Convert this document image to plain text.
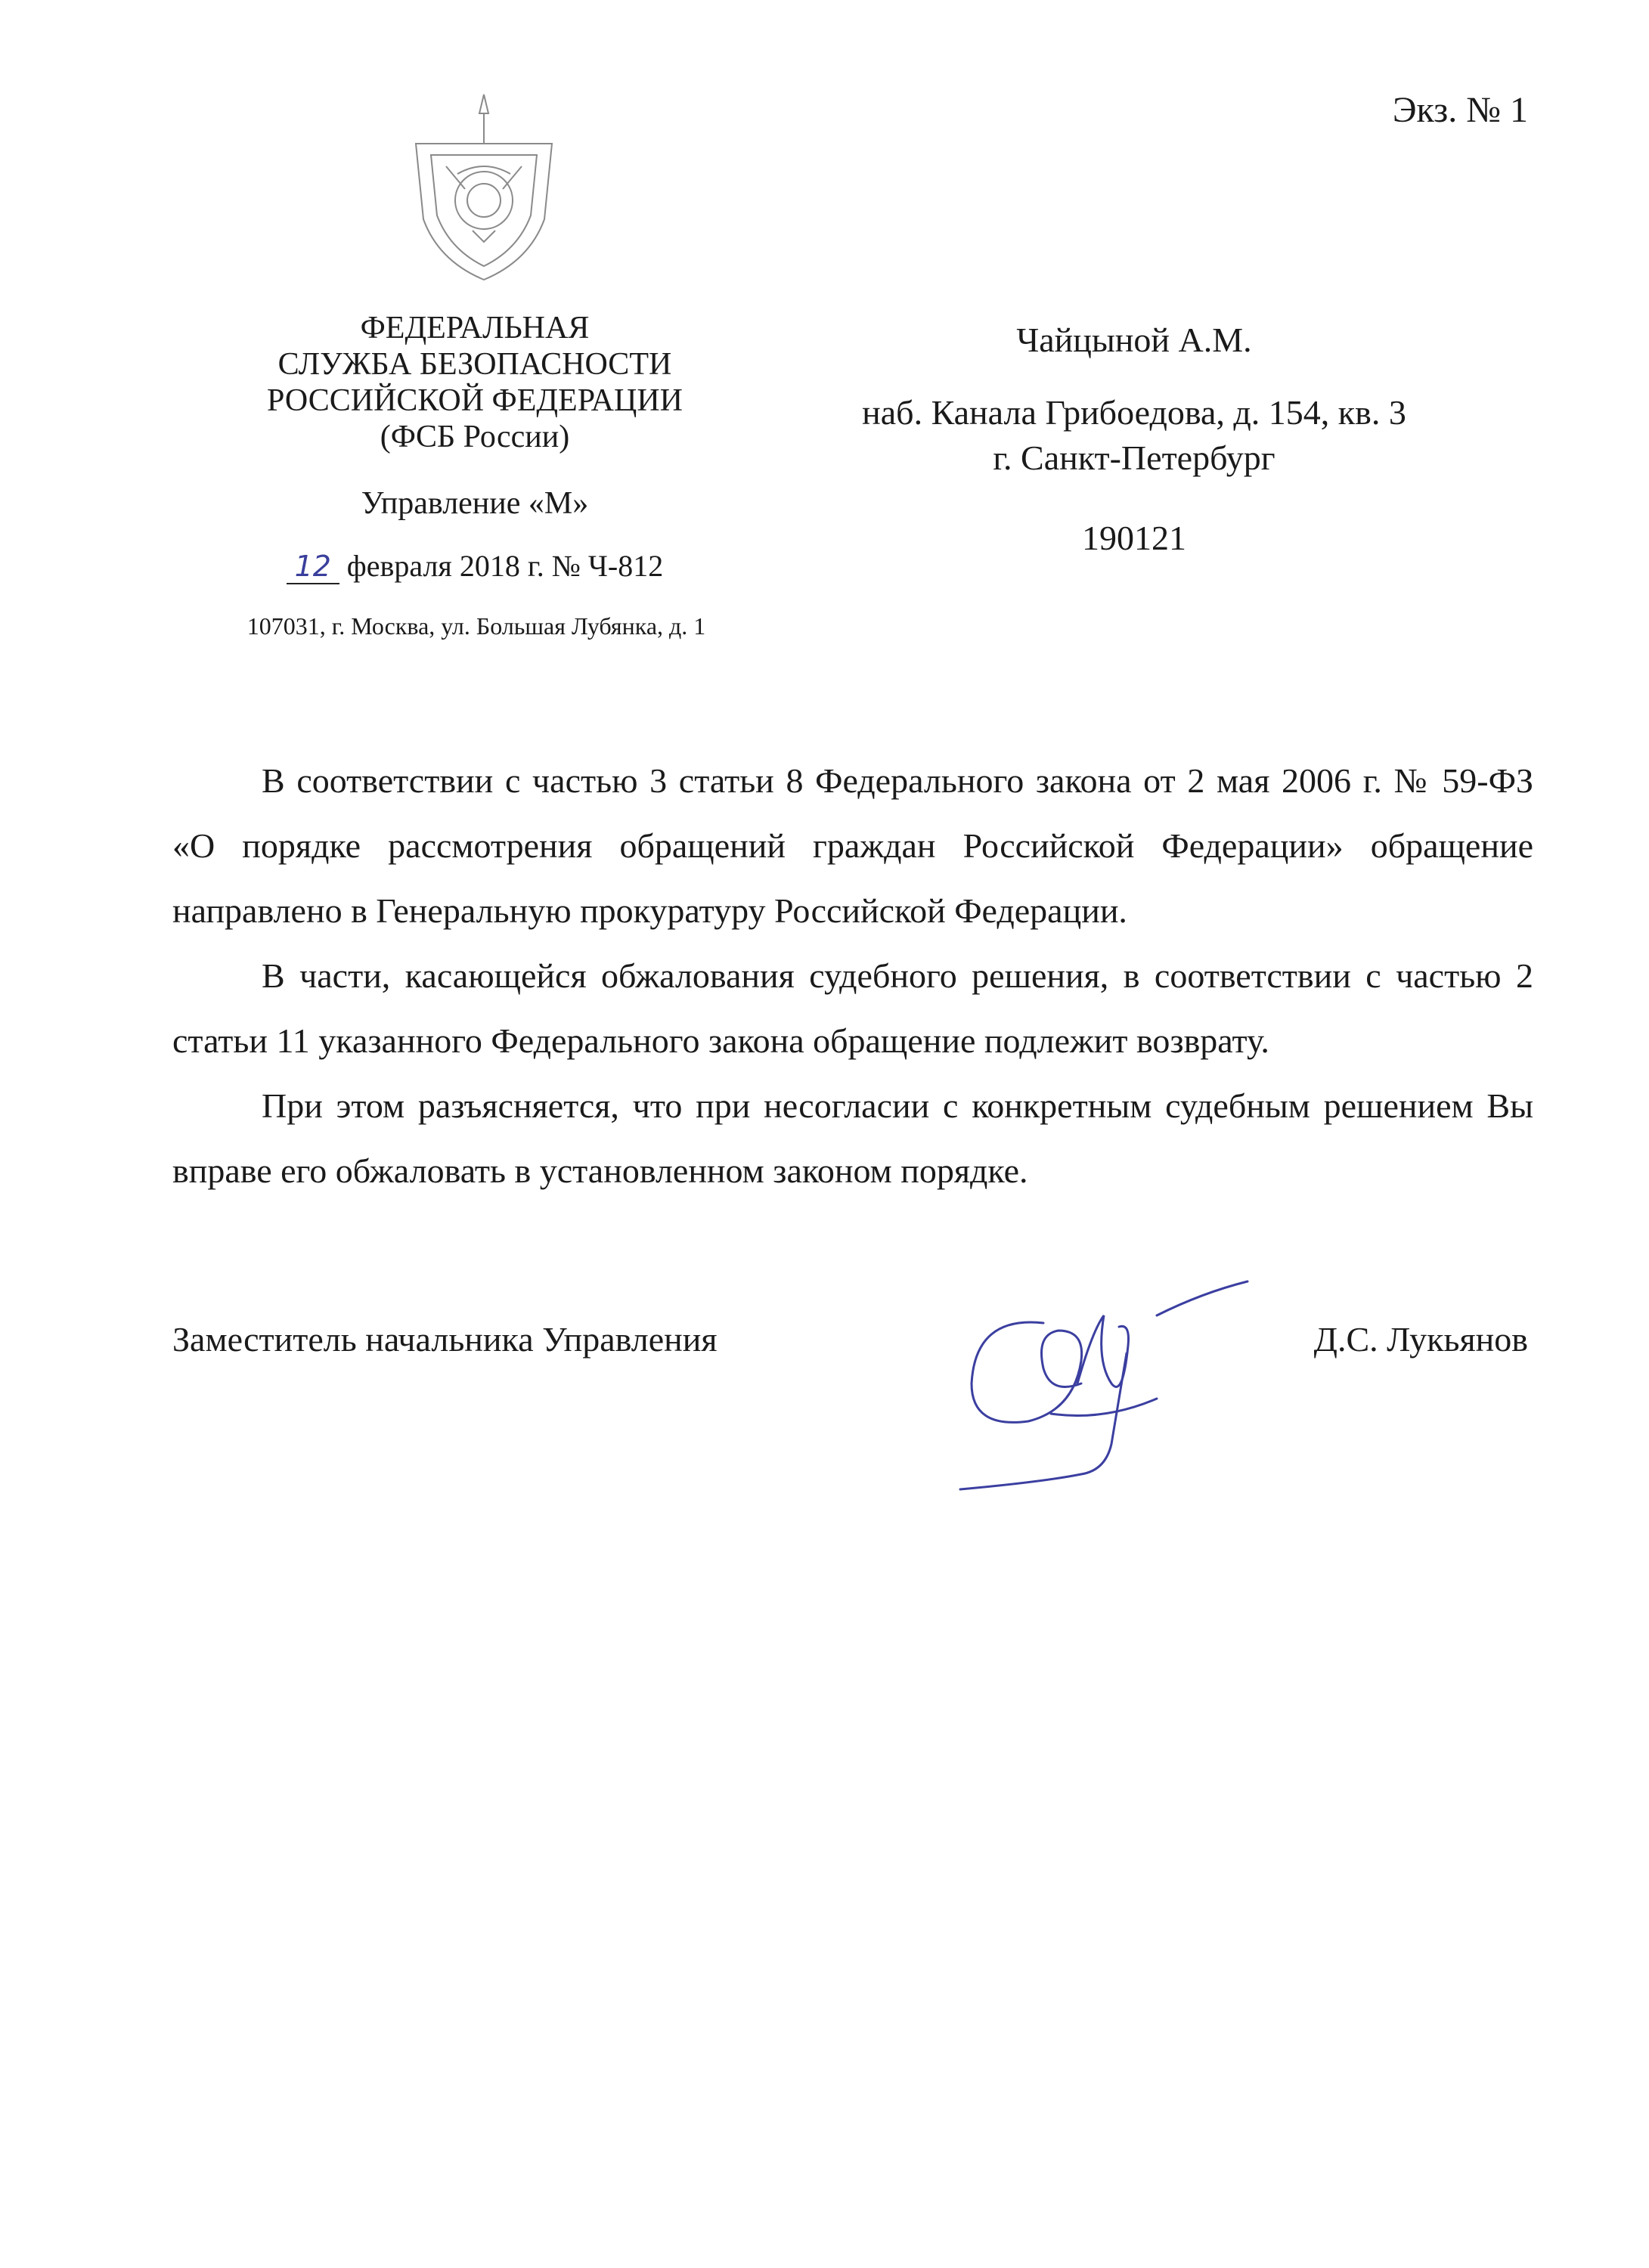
Экз. № 1
ФЕДЕРАЛЬНАЯ
СЛУЖБА БЕЗОПАСНОСТИ
РОССИЙСКОЙ ФЕДЕРАЦИИ
(ФСБ России)
Управление «М»
12 февраля 2018 г. № Ч-812
107031, г. Москва, ул. Большая Лубянка, д. 1
Чайцыной А.М.
наб. Канала Грибоедова, д. 154, кв. 3
г. Санкт-Петербург
190121

В соответствии с частью 3 статьи 8 Федерального закона от 2 мая 2006 г. № 59-ФЗ «О порядке рассмотрения обращений граждан Российской Федерации» обращение направлено в Генеральную прокуратуру Российской Федерации.

В части, касающейся обжалования судебного решения, в соответствии с частью 2 статьи 11 указанного Федерального закона обращение подлежит возврату.

При этом разъясняется, что при несогласии с конкретным судебным решением Вы вправе его обжаловать в установленном законом порядке.

Заместитель начальника Управления	Д.С. Лукьянов
